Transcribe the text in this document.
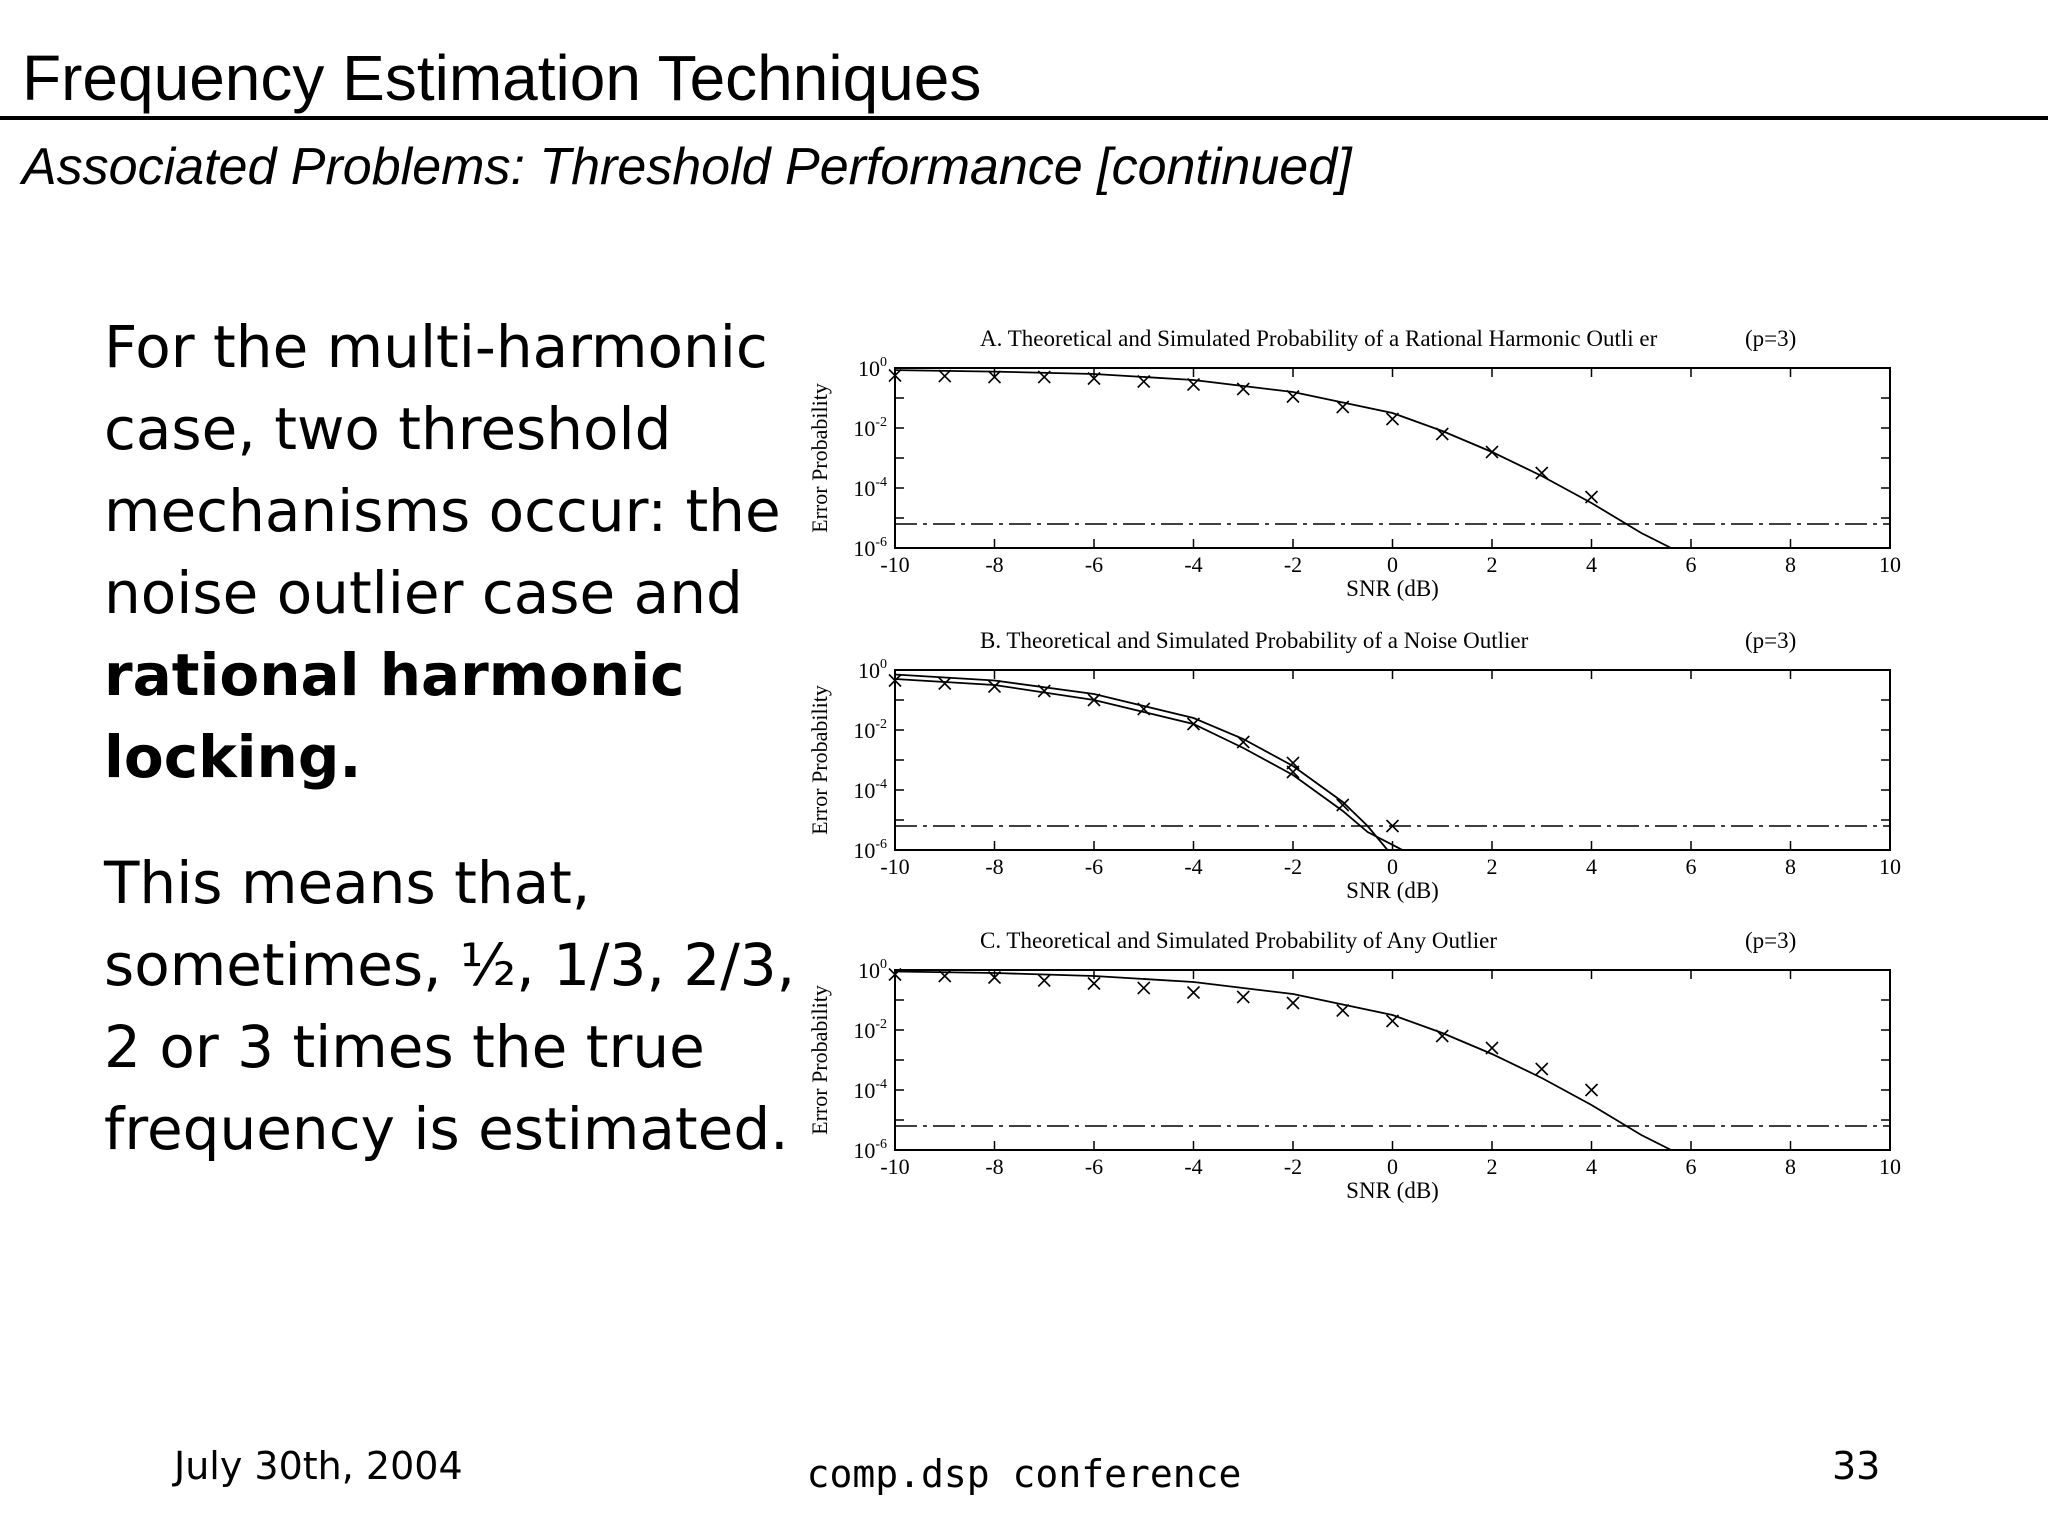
Frequency Estimation Techniques
Associated Problems: Threshold Performance [continued]
For the multi-harmonic case, two threshold mechanisms occur: the noise outlier case and rational harmonic locking.
This means that, sometimes, ½, 1/3, 2/3, 2 or 3 times the true frequency is estimated.
A. Theoretical and Simulated Probability of a Rational Harmonic Outli er	(p=3)
-10	-8	-6	-4	-2	0	2	4	6	8	10
$10^0$
$10^{-2}$
$10^{-4}$
$10^{-6}$
SNR (dB)
Error Probability
B. Theoretical and Simulated Probability of a Noise Outlier	(p=3)
-10	-8	-6	-4	-2	0	2	4	6	8	10
$10^0$
$10^{-2}$
$10^{-4}$
$10^{-6}$
SNR (dB)
Error Probability
C. Theoretical and Simulated Probability of Any Outlier	(p=3)
-10	-8	-6	-4	-2	0	2	4	6	8	10
$10^0$
$10^{-2}$
$10^{-4}$
$10^{-6}$
SNR (dB)
Error Probability
July 30th, 2004	comp.dsp conference	33
